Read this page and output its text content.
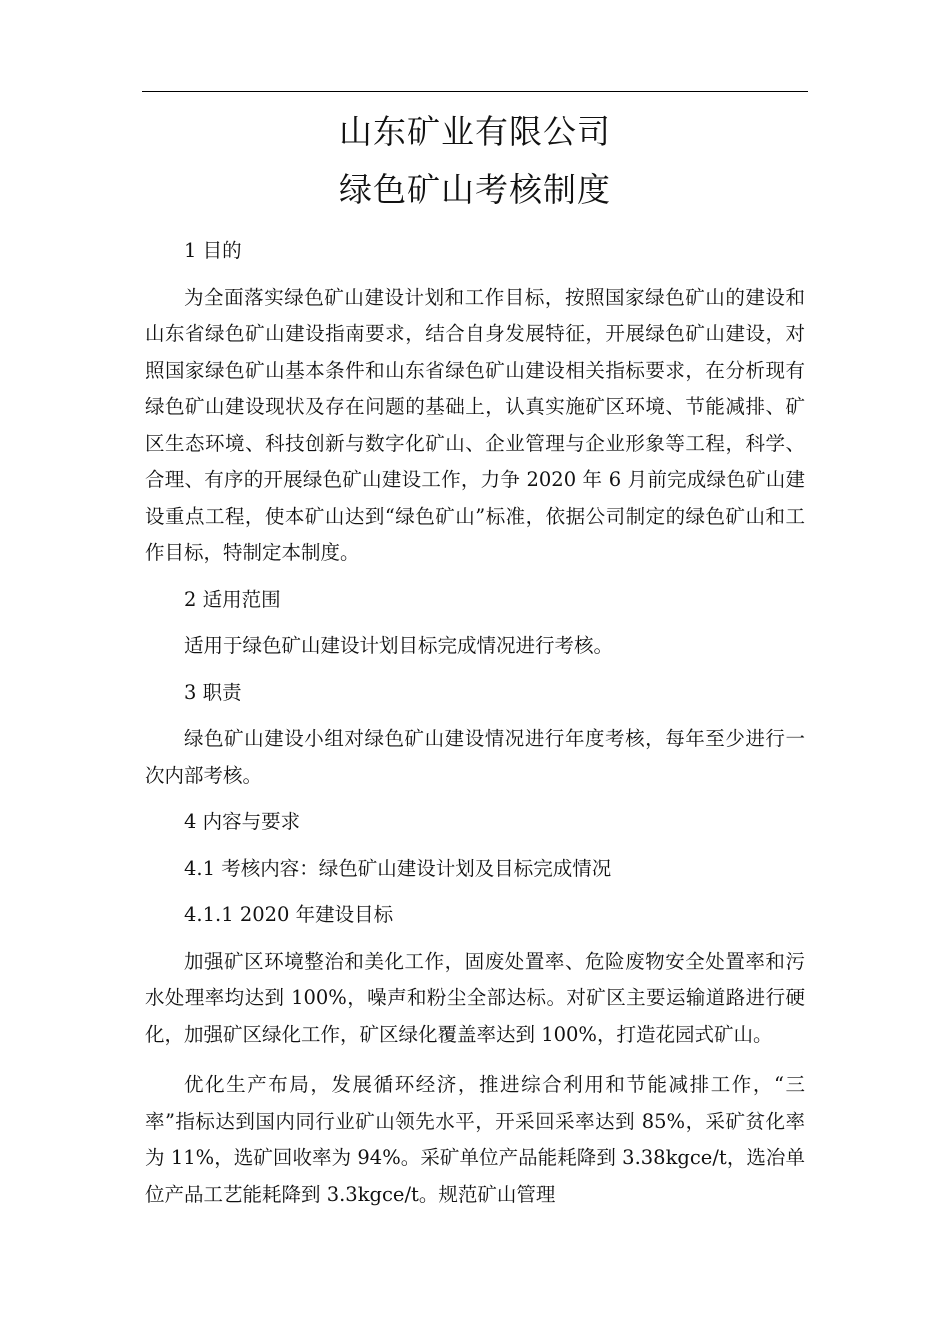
山东矿业有限公司
绿色矿山考核制度

1 目的

为全面落实绿色矿山建设计划和工作目标，按照国家绿色矿山的建设和山东省绿色矿山建设指南要求，结合自身发展特征，开展绿色矿山建设，对照国家绿色矿山基本条件和山东省绿色矿山建设相关指标要求，在分析现有绿色矿山建设现状及存在问题的基础上，认真实施矿区环境、节能减排、矿区生态环境、科技创新与数字化矿山、企业管理与企业形象等工程，科学、合理、有序的开展绿色矿山建设工作，力争 2020 年 6 月前完成绿色矿山建设重点工程，使本矿山达到“绿色矿山”标准，依据公司制定的绿色矿山和工作目标，特制定本制度。

2 适用范围

适用于绿色矿山建设计划目标完成情况进行考核。

3 职责

绿色矿山建设小组对绿色矿山建设情况进行年度考核，每年至少进行一次内部考核。

4 内容与要求

4.1 考核内容：绿色矿山建设计划及目标完成情况

4.1.1 2020 年建设目标

加强矿区环境整治和美化工作，固废处置率、危险废物安全处置率和污水处理率均达到 100%，噪声和粉尘全部达标。对矿区主要运输道路进行硬化，加强矿区绿化工作，矿区绿化覆盖率达到 100%，打造花园式矿山。

优化生产布局，发展循环经济，推进综合利用和节能减排工作，“三率”指标达到国内同行业矿山领先水平，开采回采率达到 85%，采矿贫化率为 11%，选矿回收率为 94%。采矿单位产品能耗降到 3.38kgce/t，选冶单位产品工艺能耗降到 3.3kgce/t。规范矿山管理
